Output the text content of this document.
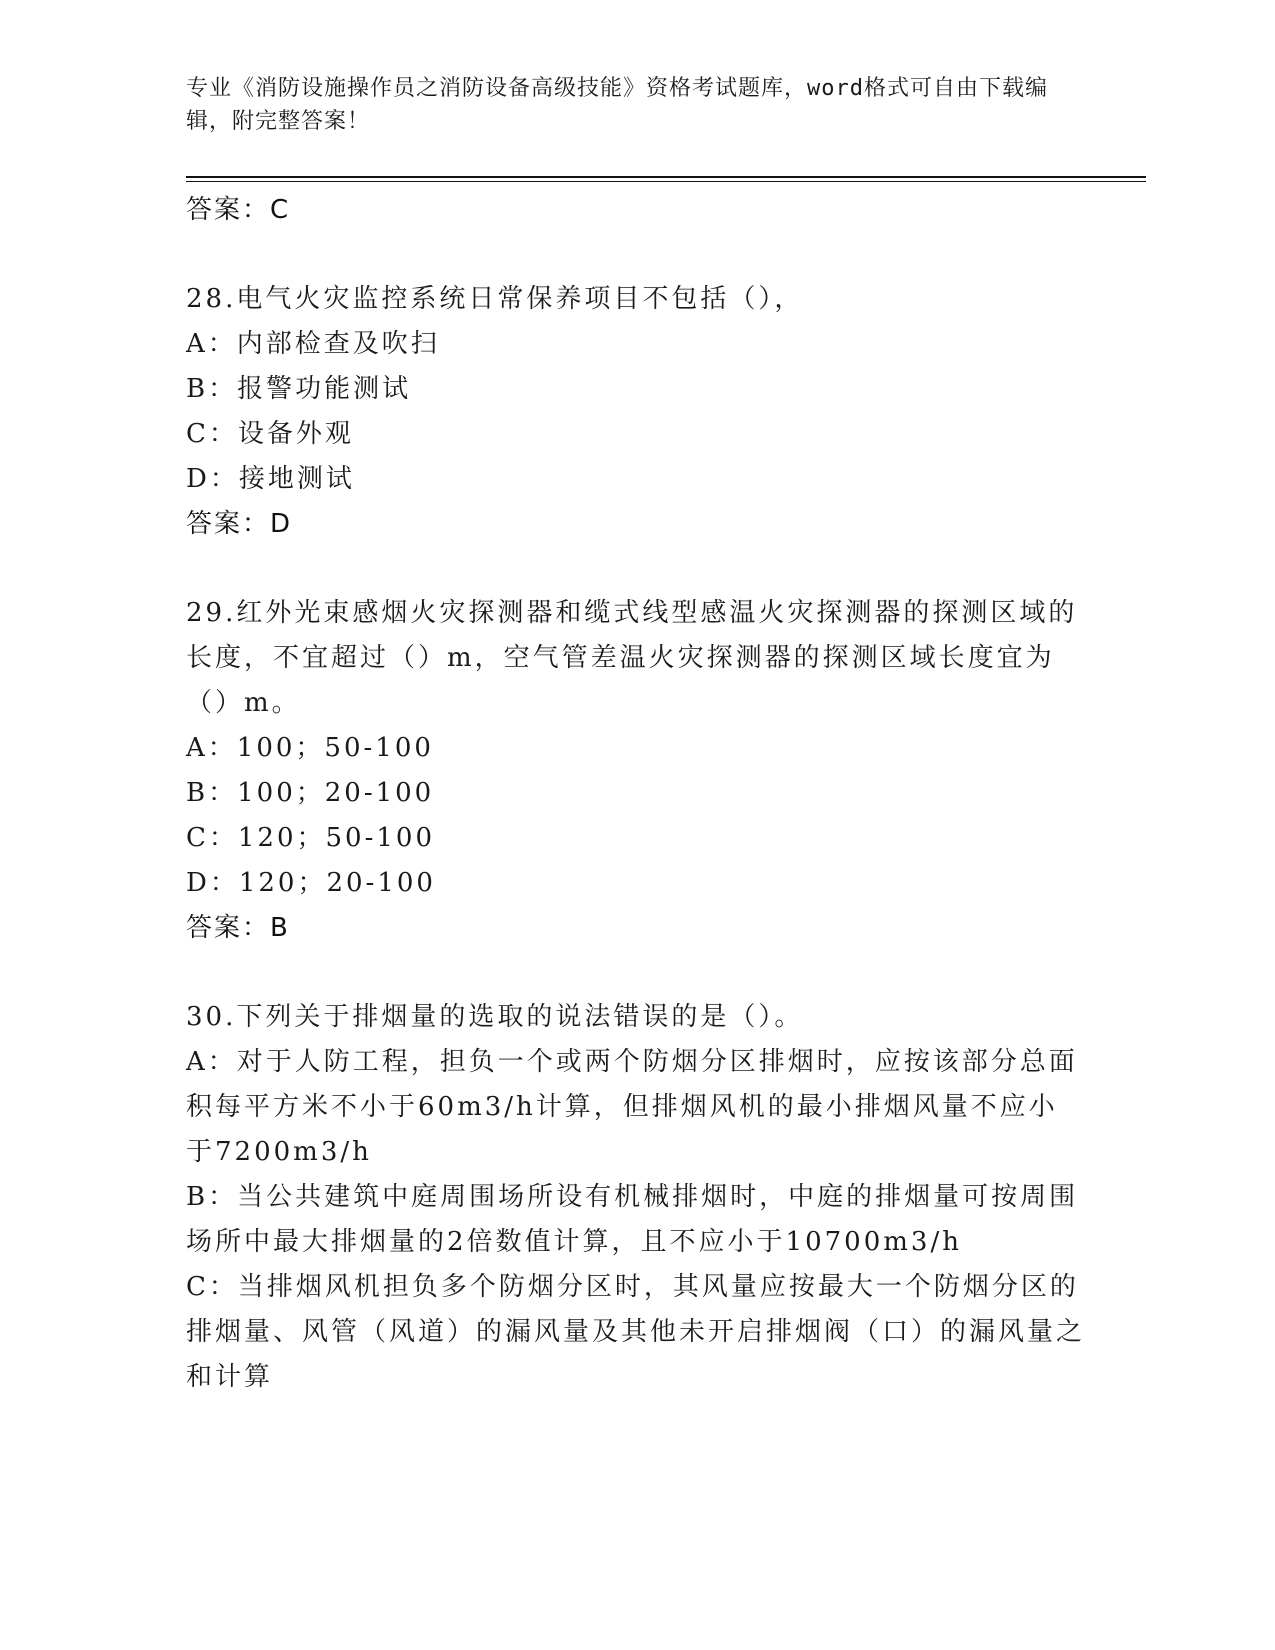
专业《消防设施操作员之消防设备高级技能》资格考试题库，word格式可自由下载编辑，附完整答案！
答案：C
28.电气火灾监控系统日常保养项目不包括（），
A：内部检查及吹扫
B：报警功能测试
C：设备外观
D：接地测试
答案：D
29.红外光束感烟火灾探测器和缆式线型感温火灾探测器的探测区域的长度，不宜超过（）m，空气管差温火灾探测器的探测区域长度宜为（）m。
A：100；50-100
B：100；20-100
C：120；50-100
D：120；20-100
答案：B
30.下列关于排烟量的选取的说法错误的是（）。
A：对于人防工程，担负一个或两个防烟分区排烟时，应按该部分总面积每平方米不小于60m3/h计算，但排烟风机的最小排烟风量不应小于7200m3/h
B：当公共建筑中庭周围场所设有机械排烟时，中庭的排烟量可按周围场所中最大排烟量的2倍数值计算，且不应小于10700m3/h
C：当排烟风机担负多个防烟分区时，其风量应按最大一个防烟分区的排烟量、风管（风道）的漏风量及其他未开启排烟阀（口）的漏风量之和计算
